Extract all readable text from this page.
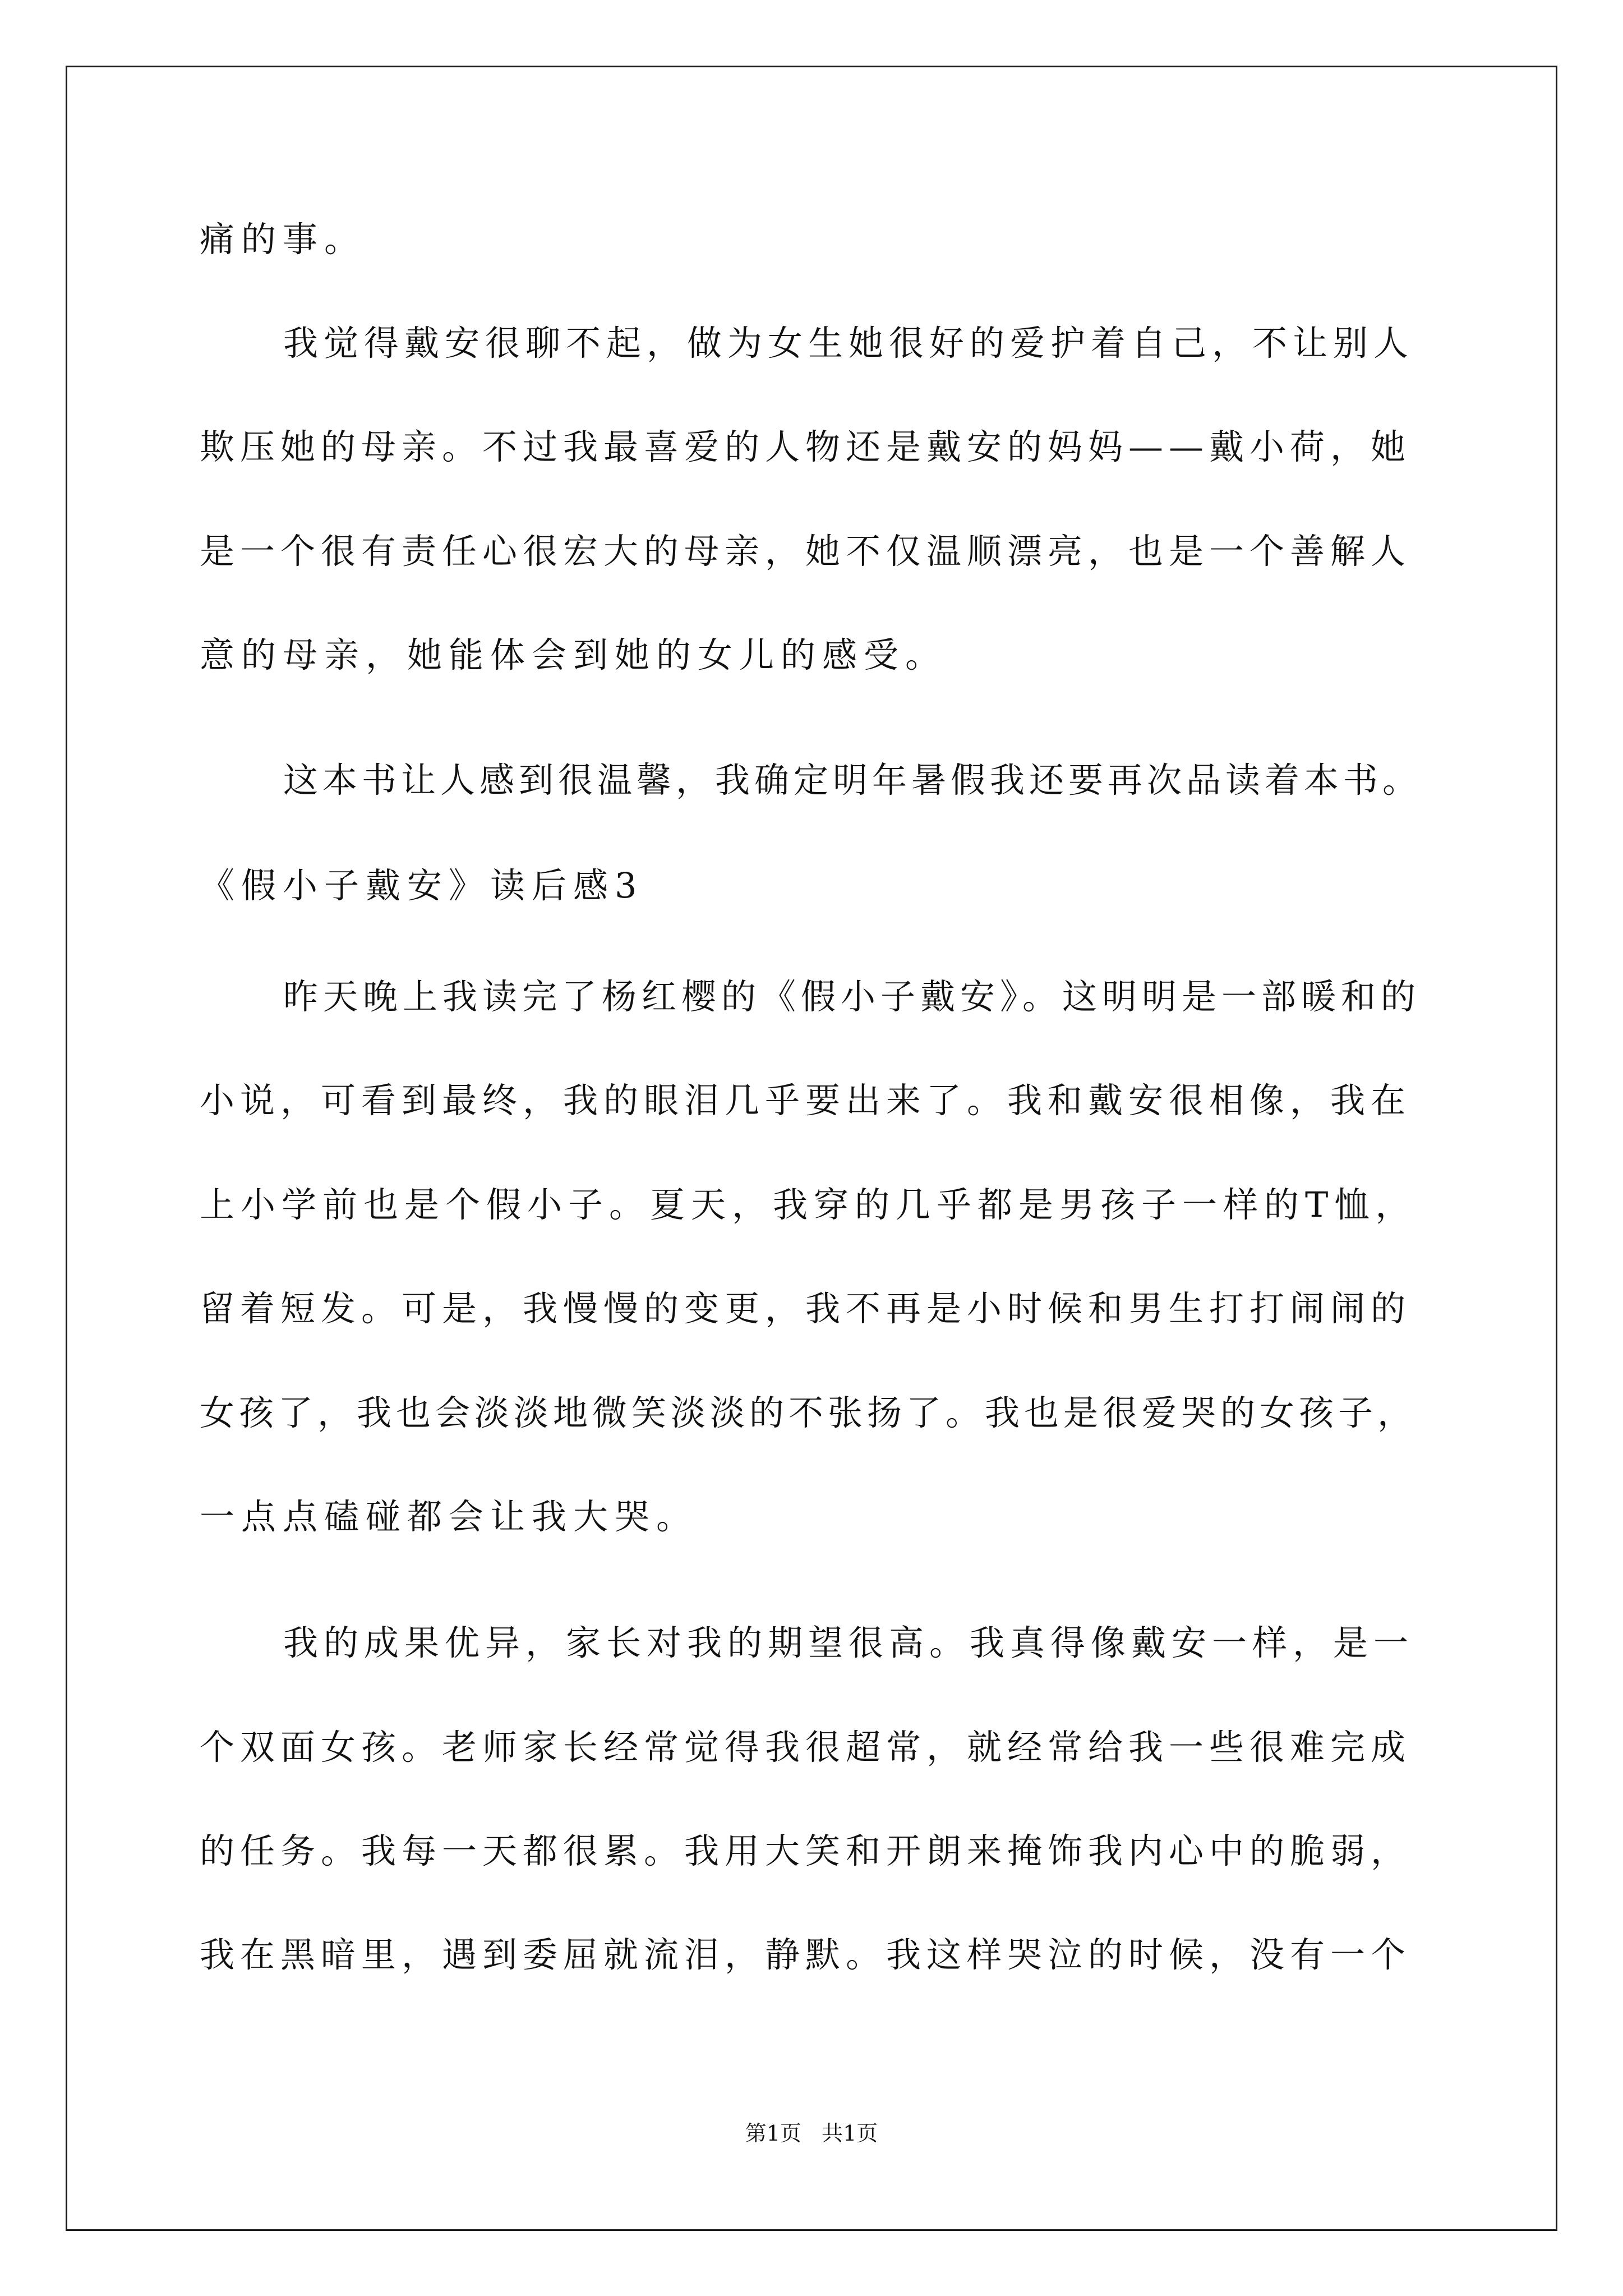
痛的事。
我觉得戴安很聊不起，做为女生她很好的爱护着自己，不让别人
欺压她的母亲。不过我最喜爱的人物还是戴安的妈妈——戴小荷，她
是一个很有责任心很宏大的母亲，她不仅温顺漂亮，也是一个善解人
意的母亲，她能体会到她的女儿的感受。
这本书让人感到很温馨，我确定明年暑假我还要再次品读着本书。
《假小子戴安》读后感3
昨天晚上我读完了杨红樱的《假小子戴安》。这明明是一部暖和的
小说，可看到最终，我的眼泪几乎要出来了。我和戴安很相像，我在
上小学前也是个假小子。夏天，我穿的几乎都是男孩子一样的T恤，
留着短发。可是，我慢慢的变更，我不再是小时候和男生打打闹闹的
女孩了，我也会淡淡地微笑淡淡的不张扬了。我也是很爱哭的女孩子，
一点点磕碰都会让我大哭。
我的成果优异，家长对我的期望很高。我真得像戴安一样，是一
个双面女孩。老师家长经常觉得我很超常，就经常给我一些很难完成
的任务。我每一天都很累。我用大笑和开朗来掩饰我内心中的脆弱，
我在黑暗里，遇到委屈就流泪，静默。我这样哭泣的时候，没有一个
第1页   共1页
